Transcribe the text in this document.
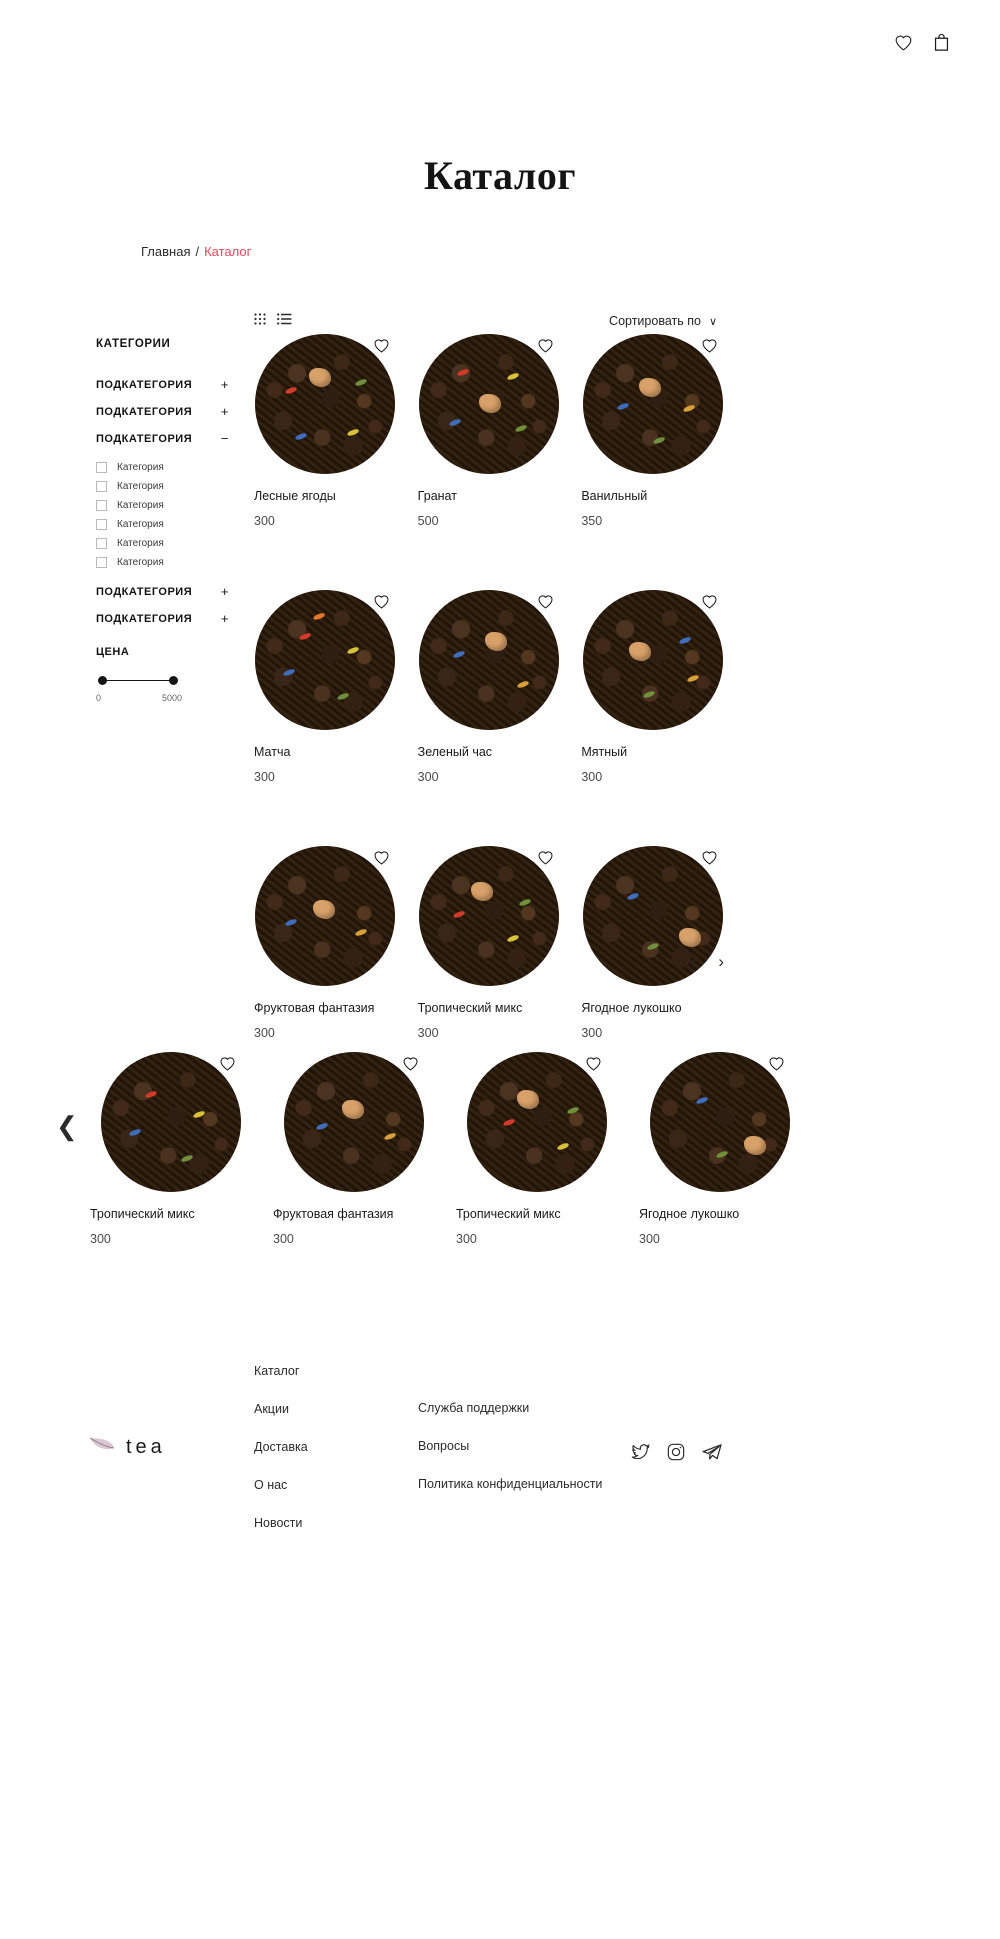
Каталог
Главная / Каталог
КАТЕГОРИИ
ПОДКАТЕГОРИЯ +
ПОДКАТЕГОРИЯ +
ПОДКАТЕГОРИЯ −
Категория
Категория
Категория
Категория
Категория
Категория
ПОДКАТЕГОРИЯ +
ПОДКАТЕГОРИЯ +
ЦЕНА
0	5000
Сортировать по ∨
Лесные ягоды
300
Гранат
500
Ванильный
350
Матча
300
Зеленый час
300
Мятный
300
Фруктовая фантазия
300
Тропический микс
300
Ягодное лукошко
300
‹ ›
❮
Тропический микс
300
Фруктовая фантазия
300
Тропический микс
300
Ягодное лукошко
300
tea
Каталог
Акции
Доставка
О нас
Новости
Служба поддержки
Вопросы
Политика конфиденциальности
